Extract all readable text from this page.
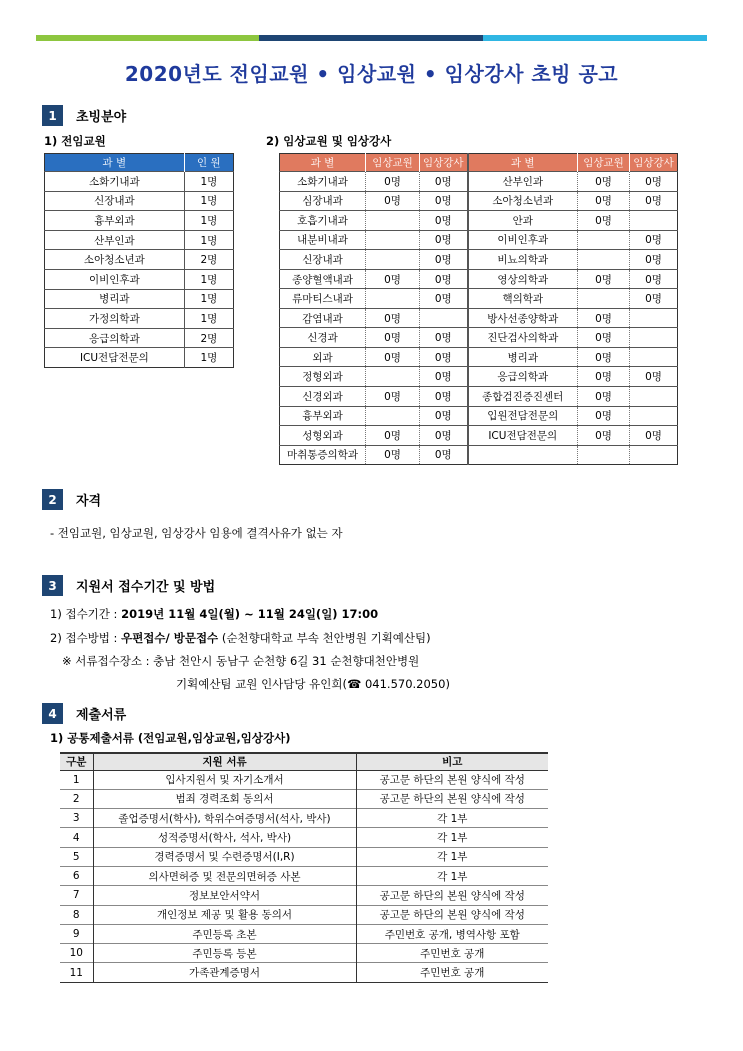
2020년도 전임교원 • 임상교원 • 임상강사 초빙 공고
1	초빙분야
1) 전임교원	2) 임상교원 및 임상강사
과 별	인 원
소화기내과	1명
신장내과	1명
흉부외과	1명
산부인과	1명
소아청소년과	2명
이비인후과	1명
병리과	1명
가정의학과	1명
응급의학과	2명
ICU전담전문의	1명
과 별	임상교원	임상강사	과 별	임상교원	임상강사
소화기내과	0명	0명	산부인과	0명	0명
심장내과	0명	0명	소아청소년과	0명	0명
호흡기내과		0명	안과	0명	
내분비내과		0명	이비인후과		0명
신장내과		0명	비뇨의학과		0명
종양혈액내과	0명	0명	영상의학과	0명	0명
류마티스내과		0명	핵의학과		0명
감염내과	0명		방사선종양학과	0명	
신경과	0명	0명	진단검사의학과	0명	
외과	0명	0명	병리과	0명	
정형외과		0명	응급의학과	0명	0명
신경외과	0명	0명	종합검진증진센터	0명	
흉부외과		0명	입원전담전문의	0명	
성형외과	0명	0명	ICU전담전문의	0명	0명
마취통증의학과	0명	0명			
2	자격
- 전임교원, 임상교원, 임상강사 임용에 결격사유가 없는 자
3	지원서 접수기간 및 방법
1) 접수기간 : 2019년 11월 4일(월) ~ 11월 24일(일) 17:00
2) 접수방법 : 우편접수/ 방문접수 (순천향대학교 부속 천안병원 기획예산팀)
※ 서류접수장소 : 충남 천안시 동남구 순천향 6길 31 순천향대천안병원
기획예산팀 교원 인사담당 유인희(☎ 041.570.2050)
4	제출서류
1) 공통제출서류 (전임교원,임상교원,임상강사)
구분	지원 서류	비고
1	입사지원서 및 자기소개서	공고문 하단의 본원 양식에 작성
2	범죄 경력조회 동의서	공고문 하단의 본원 양식에 작성
3	졸업증명서(학사), 학위수여증명서(석사, 박사)	각 1부
4	성적증명서(학사, 석사, 박사)	각 1부
5	경력증명서 및 수련증명서(I,R)	각 1부
6	의사면허증 및 전문의면허증 사본	각 1부
7	정보보안서약서	공고문 하단의 본원 양식에 작성
8	개인정보 제공 및 활용 동의서	공고문 하단의 본원 양식에 작성
9	주민등록 초본	주민번호 공개, 병역사항 포함
10	주민등록 등본	주민번호 공개
11	가족관계증명서	주민번호 공개
